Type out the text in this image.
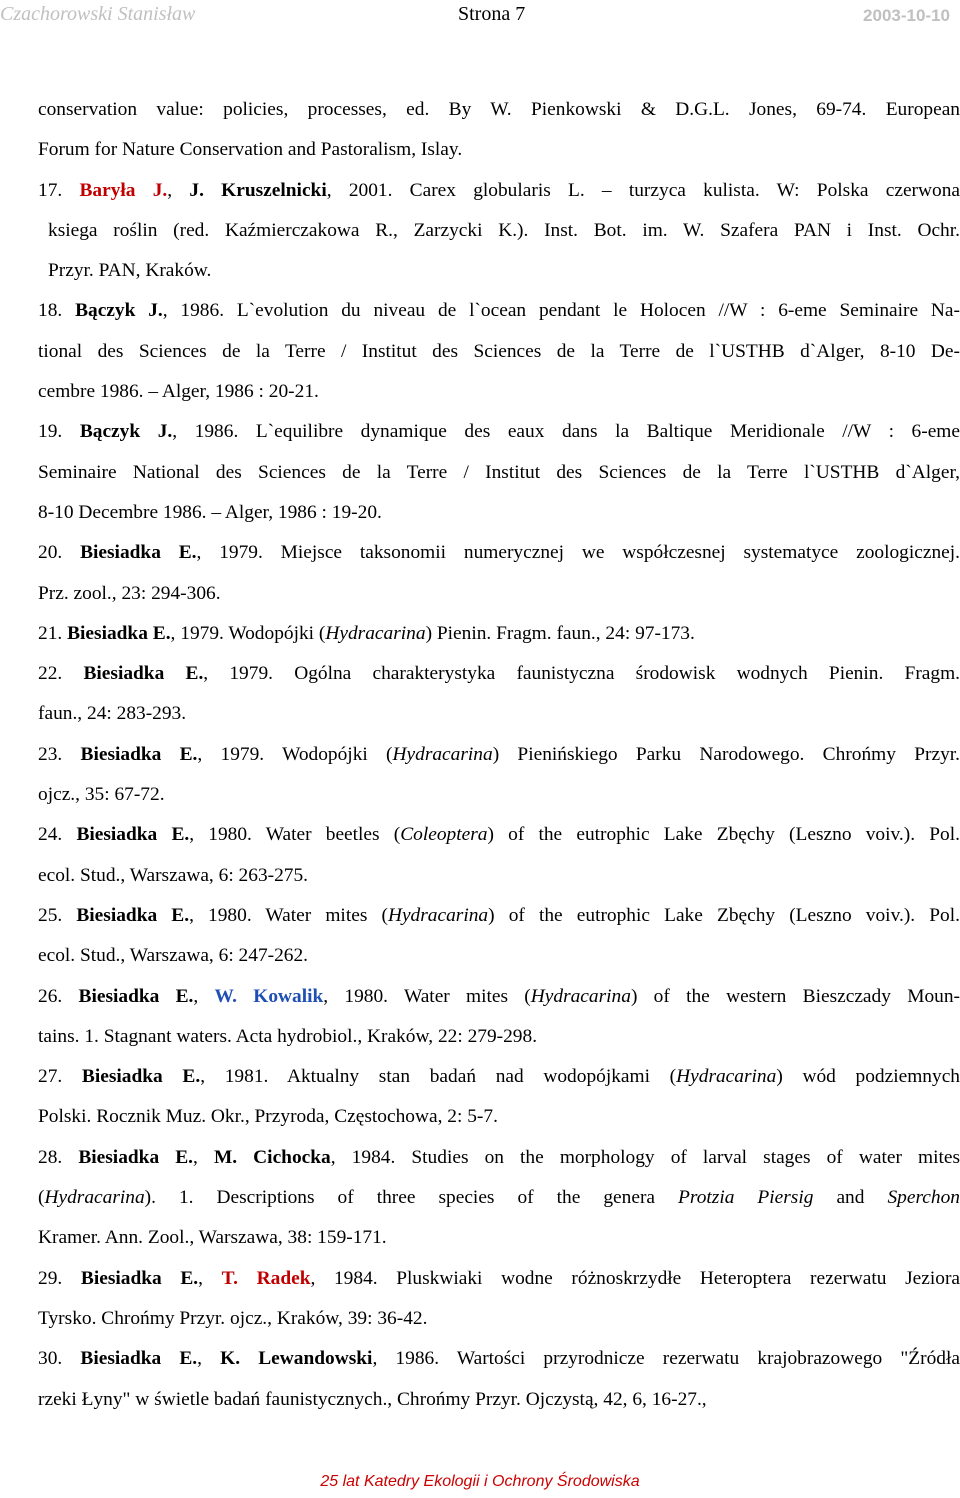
Czachorowski Stanisław	Strona 7	2003-10-10
conservation value: policies, processes, ed. By W. Pienkowski & D.G.L. Jones, 69-74. European
Forum for Nature Conservation and Pastoralism, Islay.
17. Baryła J., J. Kruszelnicki, 2001. Carex globularis L. – turzyca kulista. W: Polska czerwona
ksiega roślin (red. Kaźmierczakowa R., Zarzycki K.). Inst. Bot. im. W. Szafera PAN i Inst. Ochr.
Przyr. PAN, Kraków.
18. Bączyk J., 1986. L`evolution du niveau de l`ocean pendant le Holocen //W : 6-eme Seminaire Na-
tional des Sciences de la Terre / Institut des Sciences de la Terre de l`USTHB d`Alger, 8-10 De-
cembre 1986. – Alger, 1986 : 20-21.
19. Bączyk J., 1986. L`equilibre dynamique des eaux dans la Baltique Meridionale //W : 6-eme
Seminaire National des Sciences de la Terre / Institut des Sciences de la Terre l`USTHB d`Alger,
8-10 Decembre 1986. – Alger, 1986 : 19-20.
20. Biesiadka E., 1979. Miejsce taksonomii numerycznej we współczesnej systematyce zoologicznej.
Prz. zool., 23: 294-306.
21. Biesiadka E., 1979. Wodopójki (Hydracarina) Pienin. Fragm. faun., 24: 97-173.
22. Biesiadka E., 1979. Ogólna charakterystyka faunistyczna środowisk wodnych Pienin. Fragm.
faun., 24: 283-293.
23. Biesiadka E., 1979. Wodopójki (Hydracarina) Pienińskiego Parku Narodowego. Chrońmy Przyr.
ojcz., 35: 67-72.
24. Biesiadka E., 1980. Water beetles (Coleoptera) of the eutrophic Lake Zbęchy (Leszno voiv.). Pol.
ecol. Stud., Warszawa, 6: 263-275.
25. Biesiadka E., 1980. Water mites (Hydracarina) of the eutrophic Lake Zbęchy (Leszno voiv.). Pol.
ecol. Stud., Warszawa, 6: 247-262.
26. Biesiadka E., W. Kowalik, 1980. Water mites (Hydracarina) of the western Bieszczady Moun-
tains. 1. Stagnant waters. Acta hydrobiol., Kraków, 22: 279-298.
27. Biesiadka E., 1981. Aktualny stan badań nad wodopójkami (Hydracarina) wód podziemnych
Polski. Rocznik Muz. Okr., Przyroda, Częstochowa, 2: 5-7.
28. Biesiadka E., M. Cichocka, 1984. Studies on the morphology of larval stages of water mites
(Hydracarina). 1. Descriptions of three species of the genera Protzia Piersig and Sperchon
Kramer. Ann. Zool., Warszawa, 38: 159-171.
29. Biesiadka E., T. Radek, 1984. Pluskwiaki wodne różnoskrzydłe Heteroptera rezerwatu Jeziora
Tyrsko. Chrońmy Przyr. ojcz., Kraków, 39: 36-42.
30. Biesiadka E., K. Lewandowski, 1986. Wartości przyrodnicze rezerwatu krajobrazowego "Źródła
rzeki Łyny" w świetle badań faunistycznych., Chrońmy Przyr. Ojczystą, 42, 6, 16-27.,
25 lat Katedry Ekologii i Ochrony Środowiska
